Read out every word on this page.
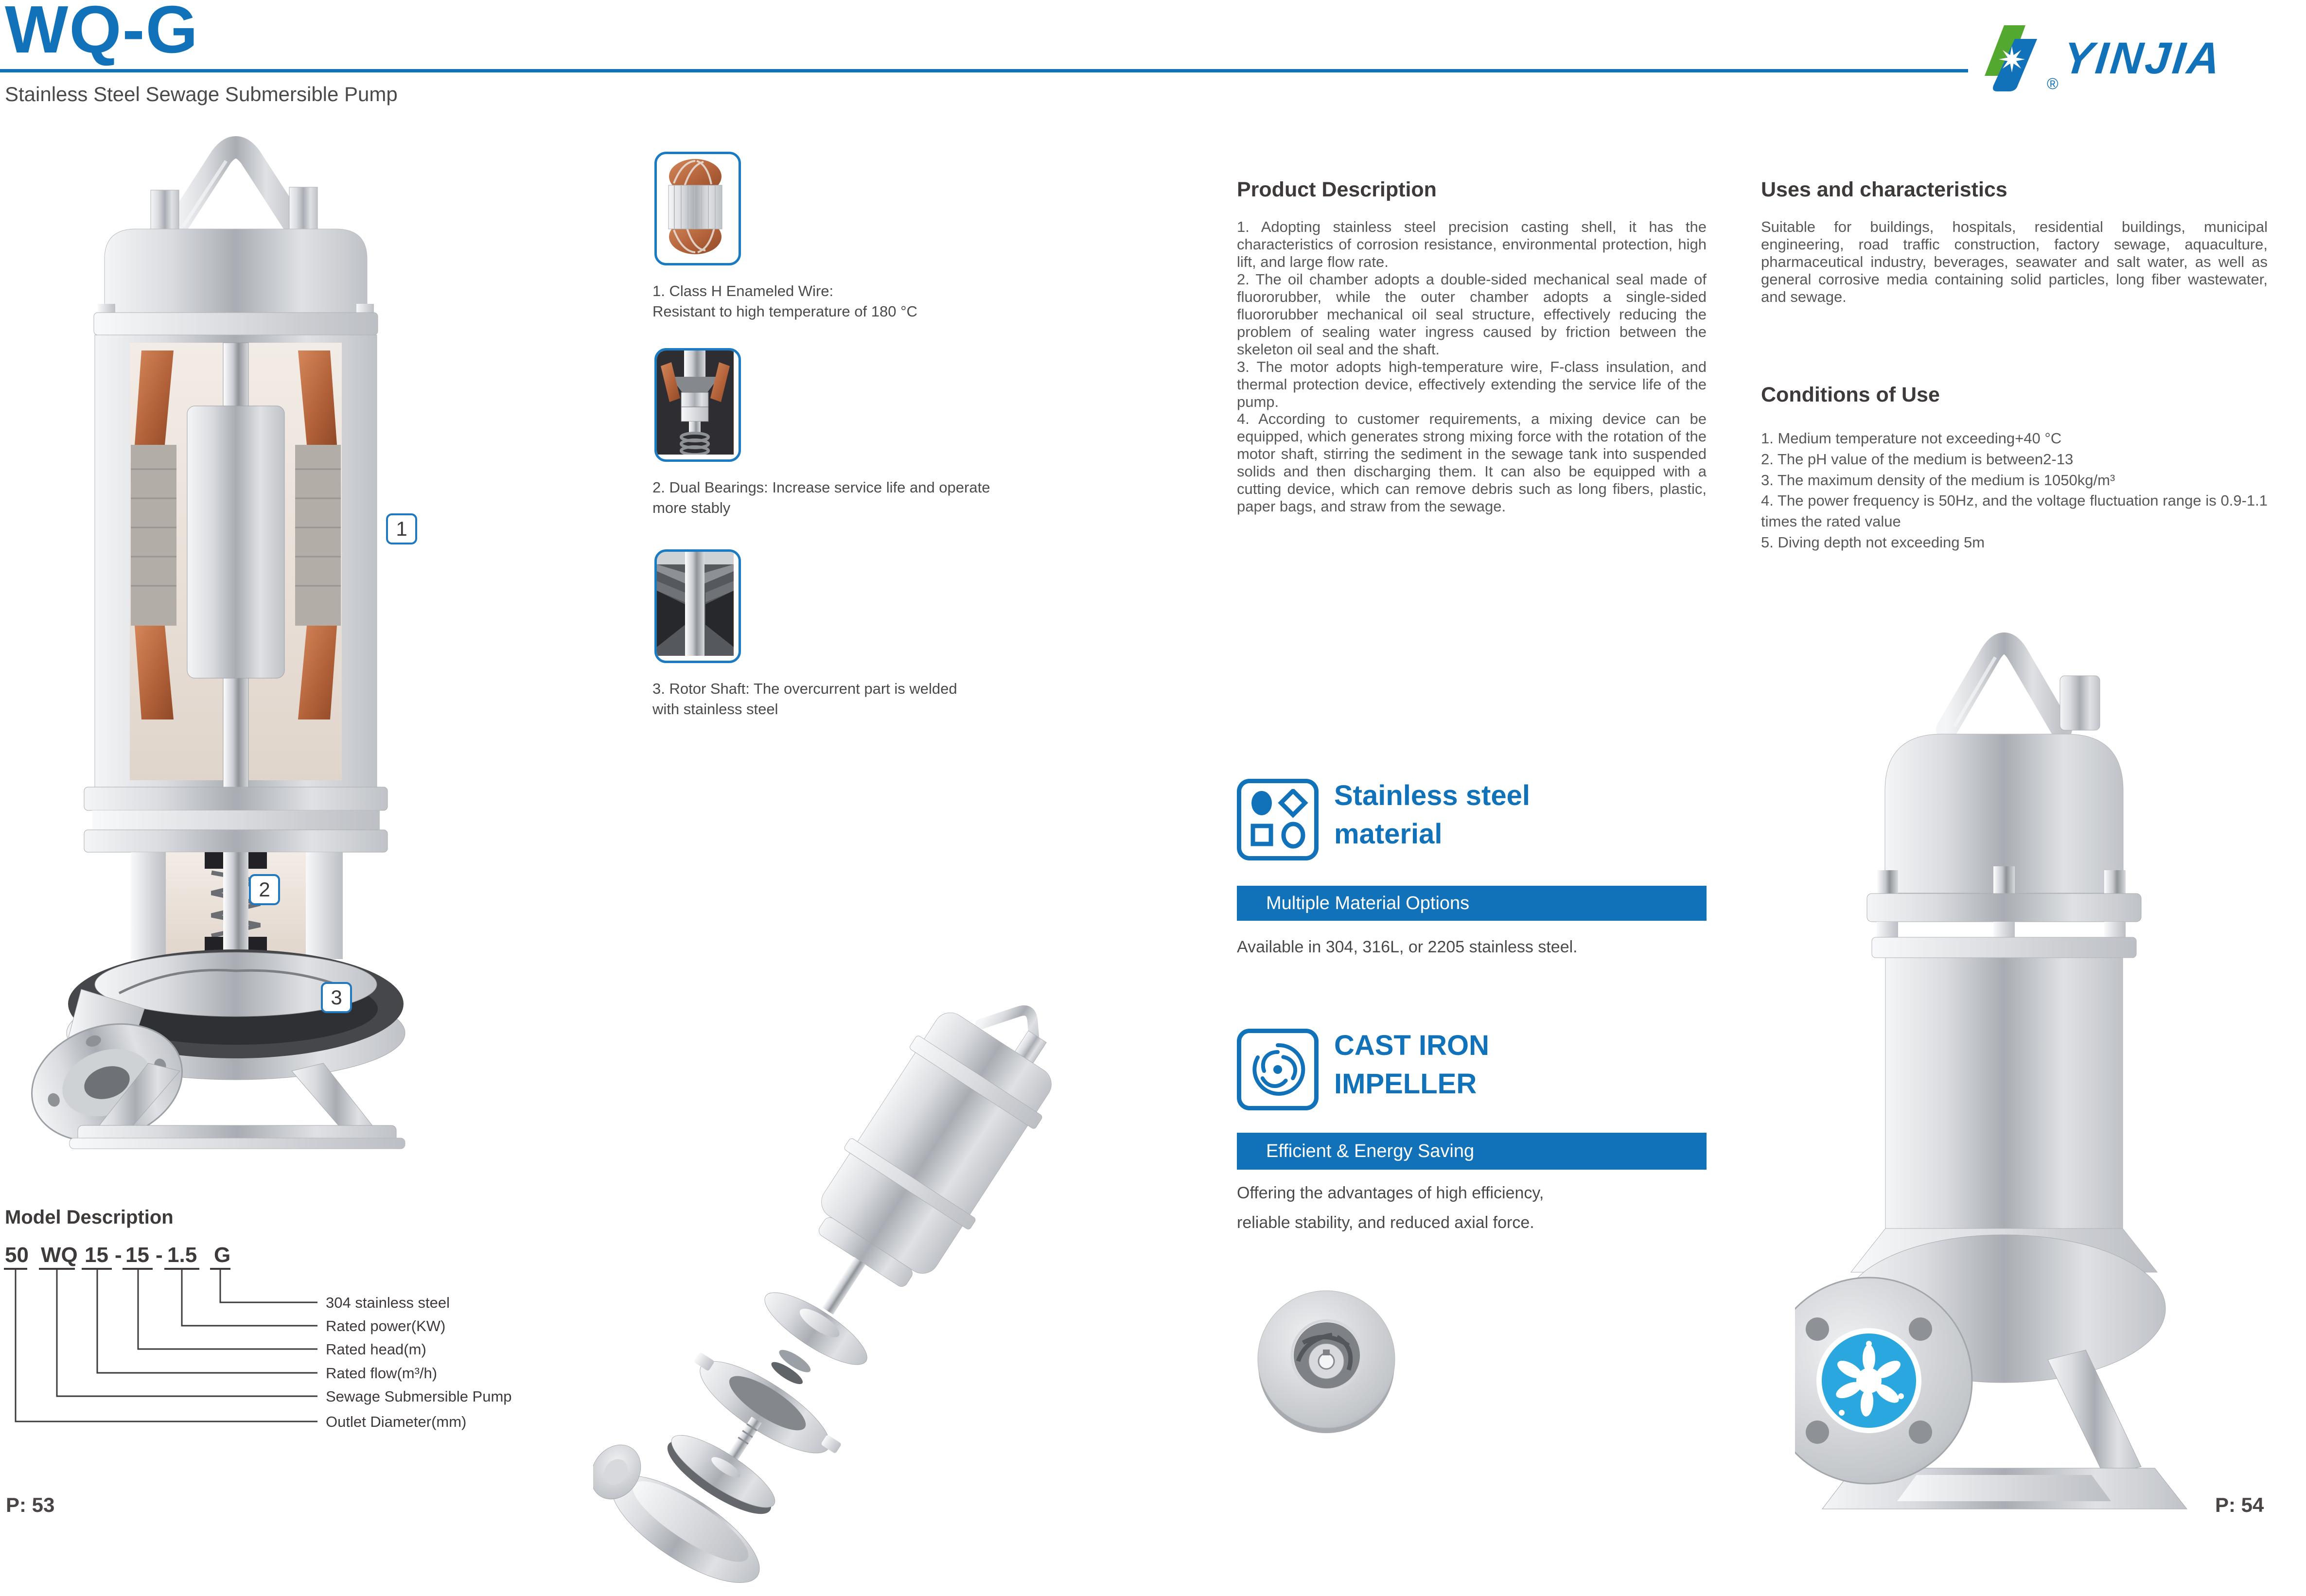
WQ-G
Stainless Steel Sewage Submersible Pump	®
YINJIA
1
2
3
1. Class H Enameled Wire:
Resistant to high temperature of 180 °C
2. Dual Bearings: Increase service life and operate
more stably
3. Rotor Shaft: The overcurrent part is welded
with stainless steel
Product Description

1. Adopting stainless steel precision casting shell, it has the characteristics of corrosion resistance, environmental protection, high lift, and large flow rate.

2. The oil chamber adopts a double-sided mechanical seal made of fluororubber, while the outer chamber adopts a single-sided fluororubber mechanical oil seal structure, effectively reducing the problem of sealing water ingress caused by friction between the skeleton oil seal and the shaft.

3. The motor adopts high-temperature wire, F-class insulation, and thermal protection device, effectively extending the service life of the pump.

4. According to customer requirements, a mixing device can be equipped, which generates strong mixing force with the rotation of the motor shaft, stirring the sediment in the sewage tank into suspended solids and then discharging them. It can also be equipped with a cutting device, which can remove debris such as long fibers, plastic, paper bags, and straw from the sewage.

Uses and characteristics
Suitable for buildings, hospitals, residential buildings, municipal engineering, road traffic construction, factory sewage, aquaculture, pharmaceutical industry, beverages, seawater and salt water, as well as general corrosive media containing solid particles, long fiber wastewater, and sewage.
Conditions of Use

1. Medium temperature not exceeding+40 °C

2. The pH value of the medium is between2-13

3. The maximum density of the medium is 1050kg/m³

4. The power frequency is 50Hz, and the voltage fluctuation range is 0.9-1.1 times the rated value

5. Diving depth not exceeding 5m

Stainless steel
material
Multiple Material Options
Available in 304, 316L, or 2205 stainless steel.
CAST IRON
IMPELLER
Efficient & Energy Saving
Offering the advantages of high efficiency,
reliable stability, and reduced axial force.
Model Description
50 WQ 15 - 15 - 1.5 G
304 stainless steel
Rated power(KW)
Rated head(m)
Rated flow(m³/h)
Sewage Submersible Pump
Outlet Diameter(mm)
P: 53	P: 54
